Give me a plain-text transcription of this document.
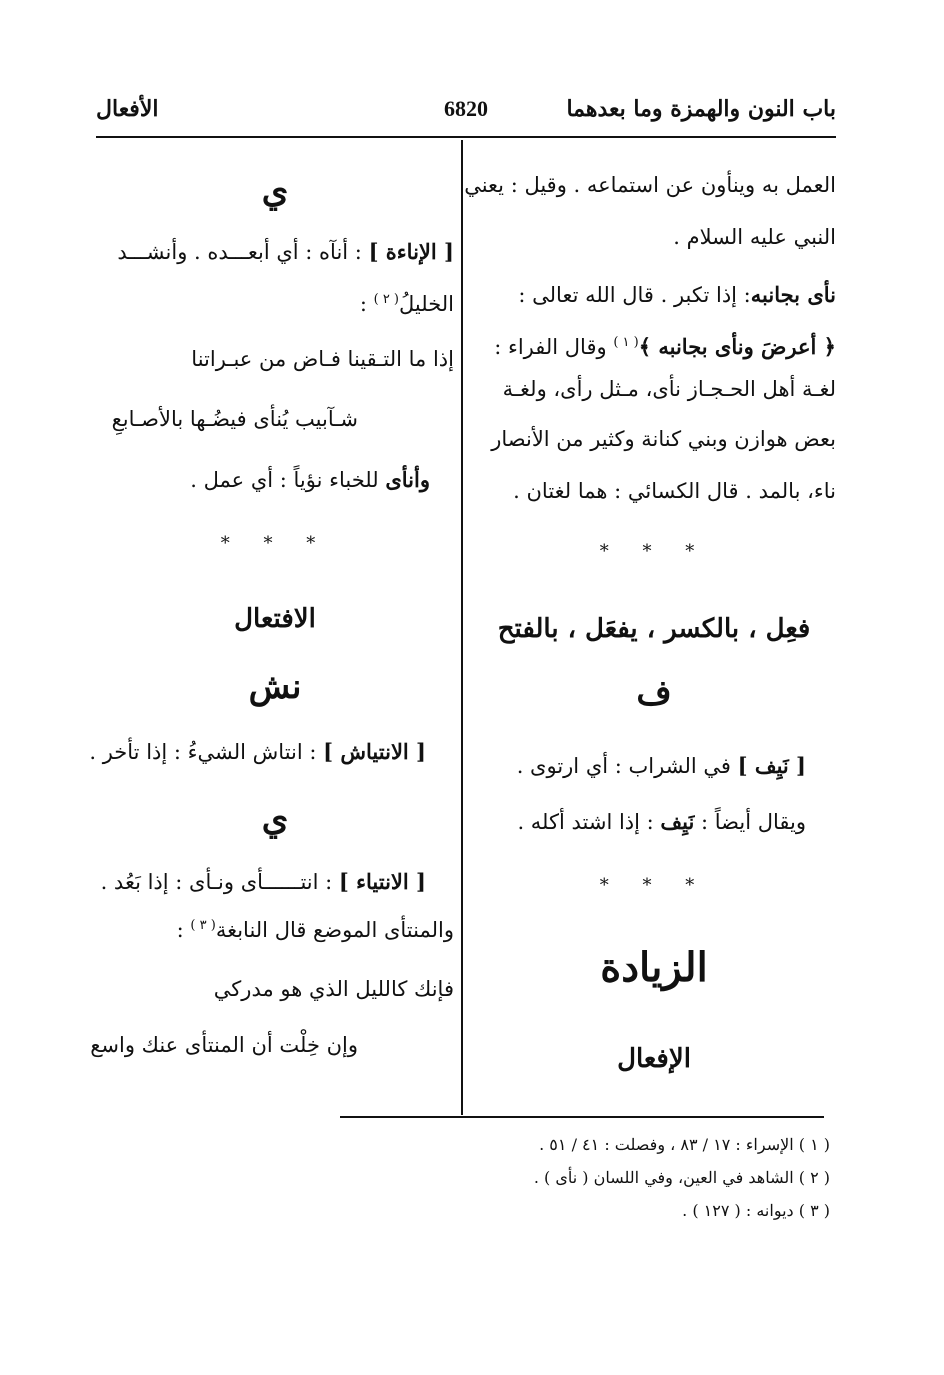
الأفعال	6820	باب النون والهمزة وما بعدهما
العمل به وينأون عن استماعه . وقيل : يعني
النبي عليه السلام .
نأى بجانبه: إذا تكبر . قال الله تعالى :
﴿ أعرضَ ونأى بجانبه ﴾$^{( ١ )}$ وقال الفراء :
لغـة أهل الحـجـاز نأى، مـثل رأى، ولغـة
بعض هوازن وبني كنانة وكثير من الأنصار
ناء، بالمد . قال الكسائي : هما لغتان .
* * *
فعِل ، بالكسر ، يفعَل ، بالفتح
ف
[ نَيِف ] في الشراب : أي ارتوى .
ويقال أيضاً : نَيِف : إذا اشتد أكله .
* * *
الزيادة
الإفعال
ي
[ الإناءة ] : أنآه : أي أبعـــده . وأنشـــد
الخليلُ$^{( ٢ )}$ :
إذا ما التـقينا فـاض من عبـراتنا
شـآبيب يُنأى فيضُـها بالأصـابعِ
وأنأى للخباء نؤياً : أي عمل .
* * *
الافتعال
نش
[ الانتياش ] : انتاش الشيءُ : إذا تأخر .
ي
[ الانتياء ] : انتــــــأى ونـأى : إذا بَعُد .
والمنتأى الموضع قال النابغة$^{( ٣ )}$ :
فإنك كالليل الذي هو مدركي
وإن خِلْت أن المنتأى عنك واسع
( ١ ) الإسراء : ١٧ / ٨٣ ، وفصلت : ٤١ / ٥١ .
( ٢ ) الشاهد في العين، وفي اللسان ( نأى ) .
( ٣ ) ديوانه : ( ١٢٧ ) .
